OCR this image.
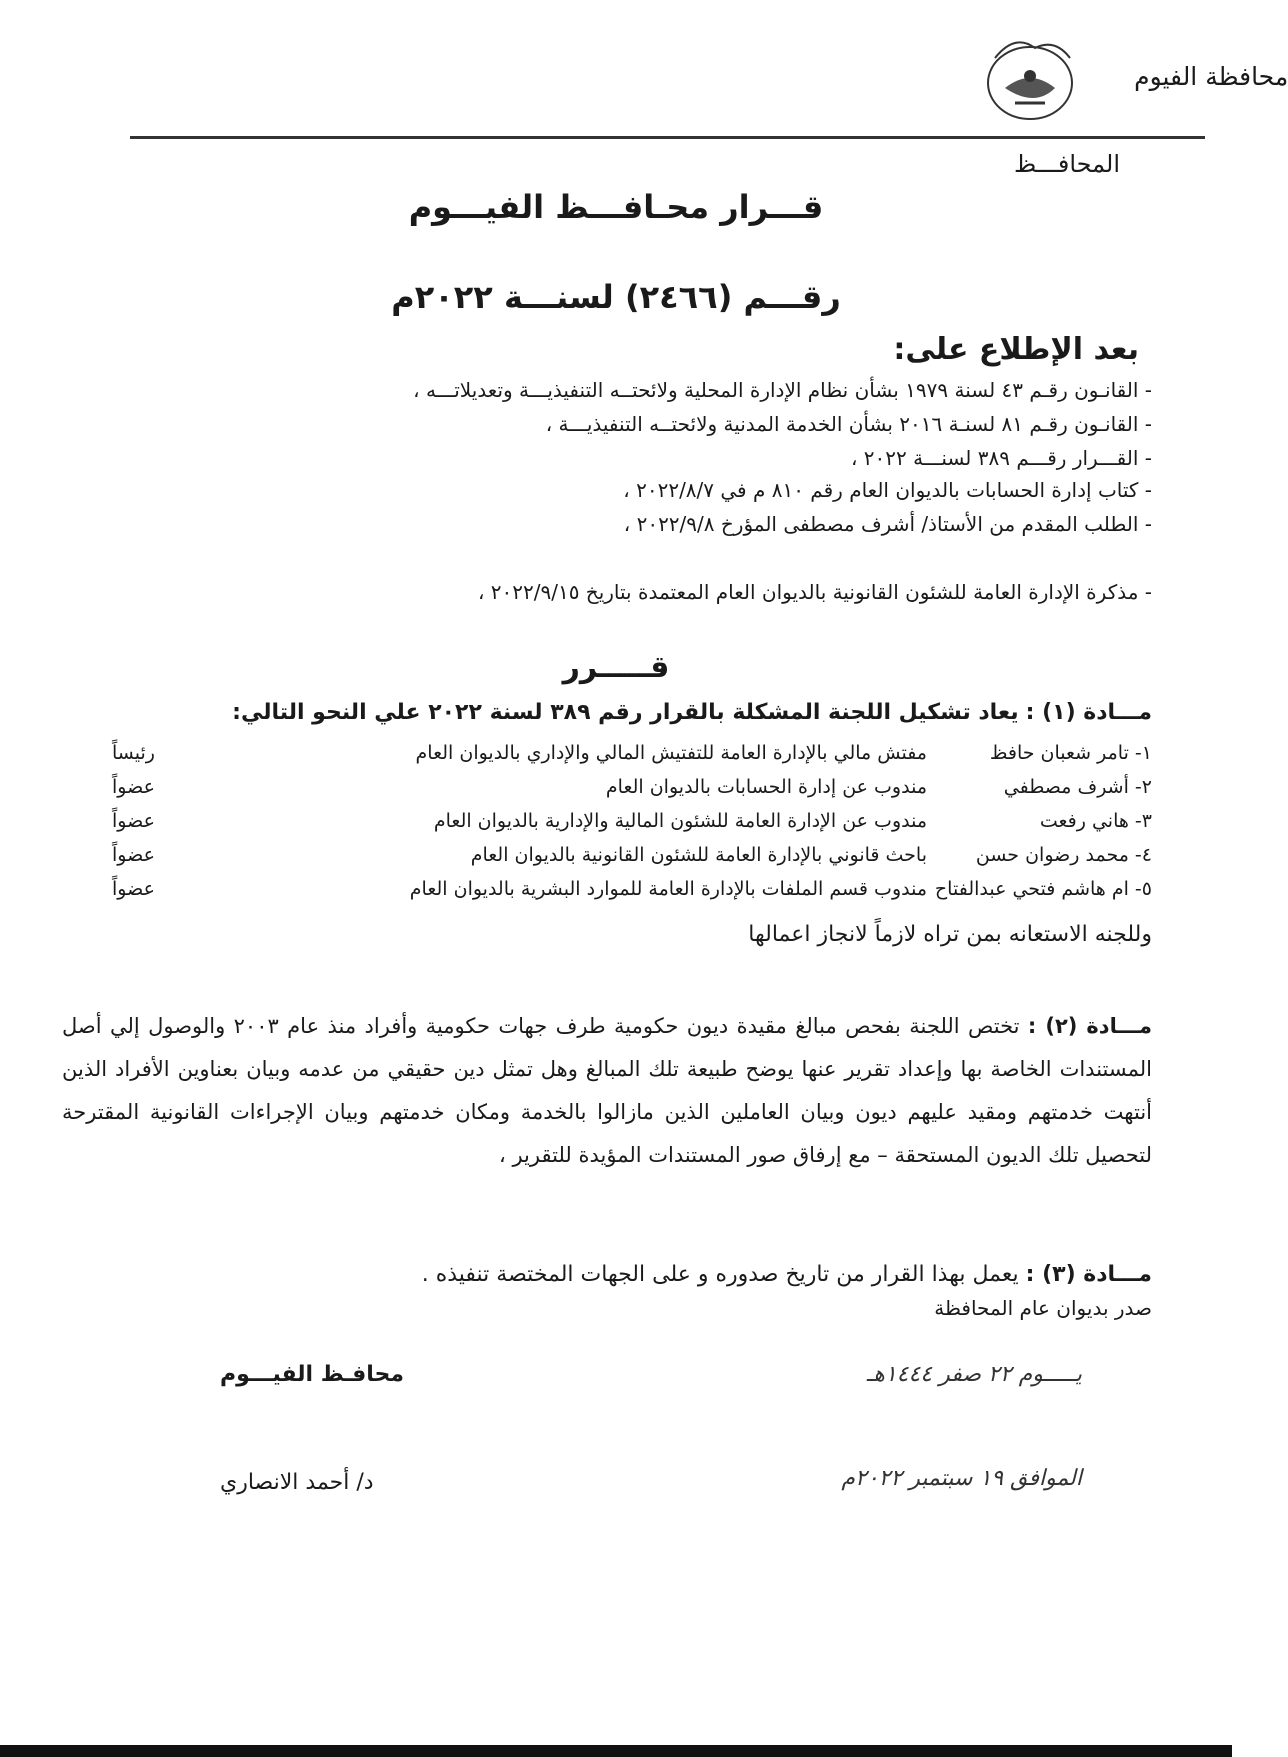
محافظة الفيوم
المحافـــظ
قـــرار محـافـــظ الفيـــوم
رقـــم (٢٤٦٦) لسنـــة ٢٠٢٢م
بعد الإطلاع على:
- القانـون رقـم ٤٣ لسنة ١٩٧٩ بشأن نظام الإدارة المحلية ولائحتــه التنفيذيـــة وتعديلاتـــه ،
- القانـون رقـم ٨١ لسنـة ٢٠١٦ بشأن الخدمة المدنية ولائحتــه التنفيذيـــة ،
- القـــرار رقـــم ٣٨٩ لسنـــة ٢٠٢٢ ،
- كتاب إدارة الحسابات بالديوان العام رقم ٨١٠ م في ٢٠٢٢/٨/٧ ،
- الطلب المقدم من الأستاذ/ أشرف مصطفى المؤرخ ٢٠٢٢/٩/٨ ،
- مذكرة الإدارة العامة للشئون القانونية بالديوان العام المعتمدة بتاريخ ٢٠٢٢/٩/١٥ ،
قـــــرر
مـــادة (١) : يعاد تشكيل اللجنة المشكلة بالقرار رقم ٣٨٩ لسنة ٢٠٢٢ علي النحو التالي:
١- تامر شعبان حافظ
مفتش مالي بالإدارة العامة للتفتيش المالي والإداري بالديوان العام
رئيساً
٢- أشرف مصطفي
مندوب عن إدارة الحسابات بالديوان العام
عضواً
٣- هاني رفعت
مندوب عن الإدارة العامة للشئون المالية والإدارية بالديوان العام
عضواً
٤- محمد رضوان حسن
باحث قانوني بالإدارة العامة للشئون القانونية بالديوان العام
عضواً
٥- ام هاشم فتحي عبدالفتاح
مندوب قسم الملفات بالإدارة العامة للموارد البشرية بالديوان العام
عضواً
وللجنه الاستعانه بمن تراه لازماً لانجاز اعمالها
مـــادة (٢) : تختص اللجنة بفحص مبالغ مقيدة ديون حكومية طرف جهات حكومية وأفراد منذ عام ٢٠٠٣ والوصول إلي أصل المستندات الخاصة بها وإعداد تقرير عنها يوضح طبيعة تلك المبالغ وهل تمثل دين حقيقي من عدمه وبيان بعناوين الأفراد الذين أنتهت خدمتهم ومقيد عليهم ديون وبيان العاملين الذين مازالوا بالخدمة ومكان خدمتهم وبيان الإجراءات القانونية المقترحة لتحصيل تلك الديون المستحقة – مع إرفاق صور المستندات المؤيدة للتقرير ،
مـــادة (٣) : يعمل بهذا القرار من تاريخ صدوره و على الجهات المختصة تنفيذه .
صدر بديوان عام المحافظة
يـــــوم ٢٢ صفر ١٤٤٤هـ
الموافق ١٩ سبتمبر ٢٠٢٢م
محافـظ الفيـــوم
د/ أحمد الانصاري
